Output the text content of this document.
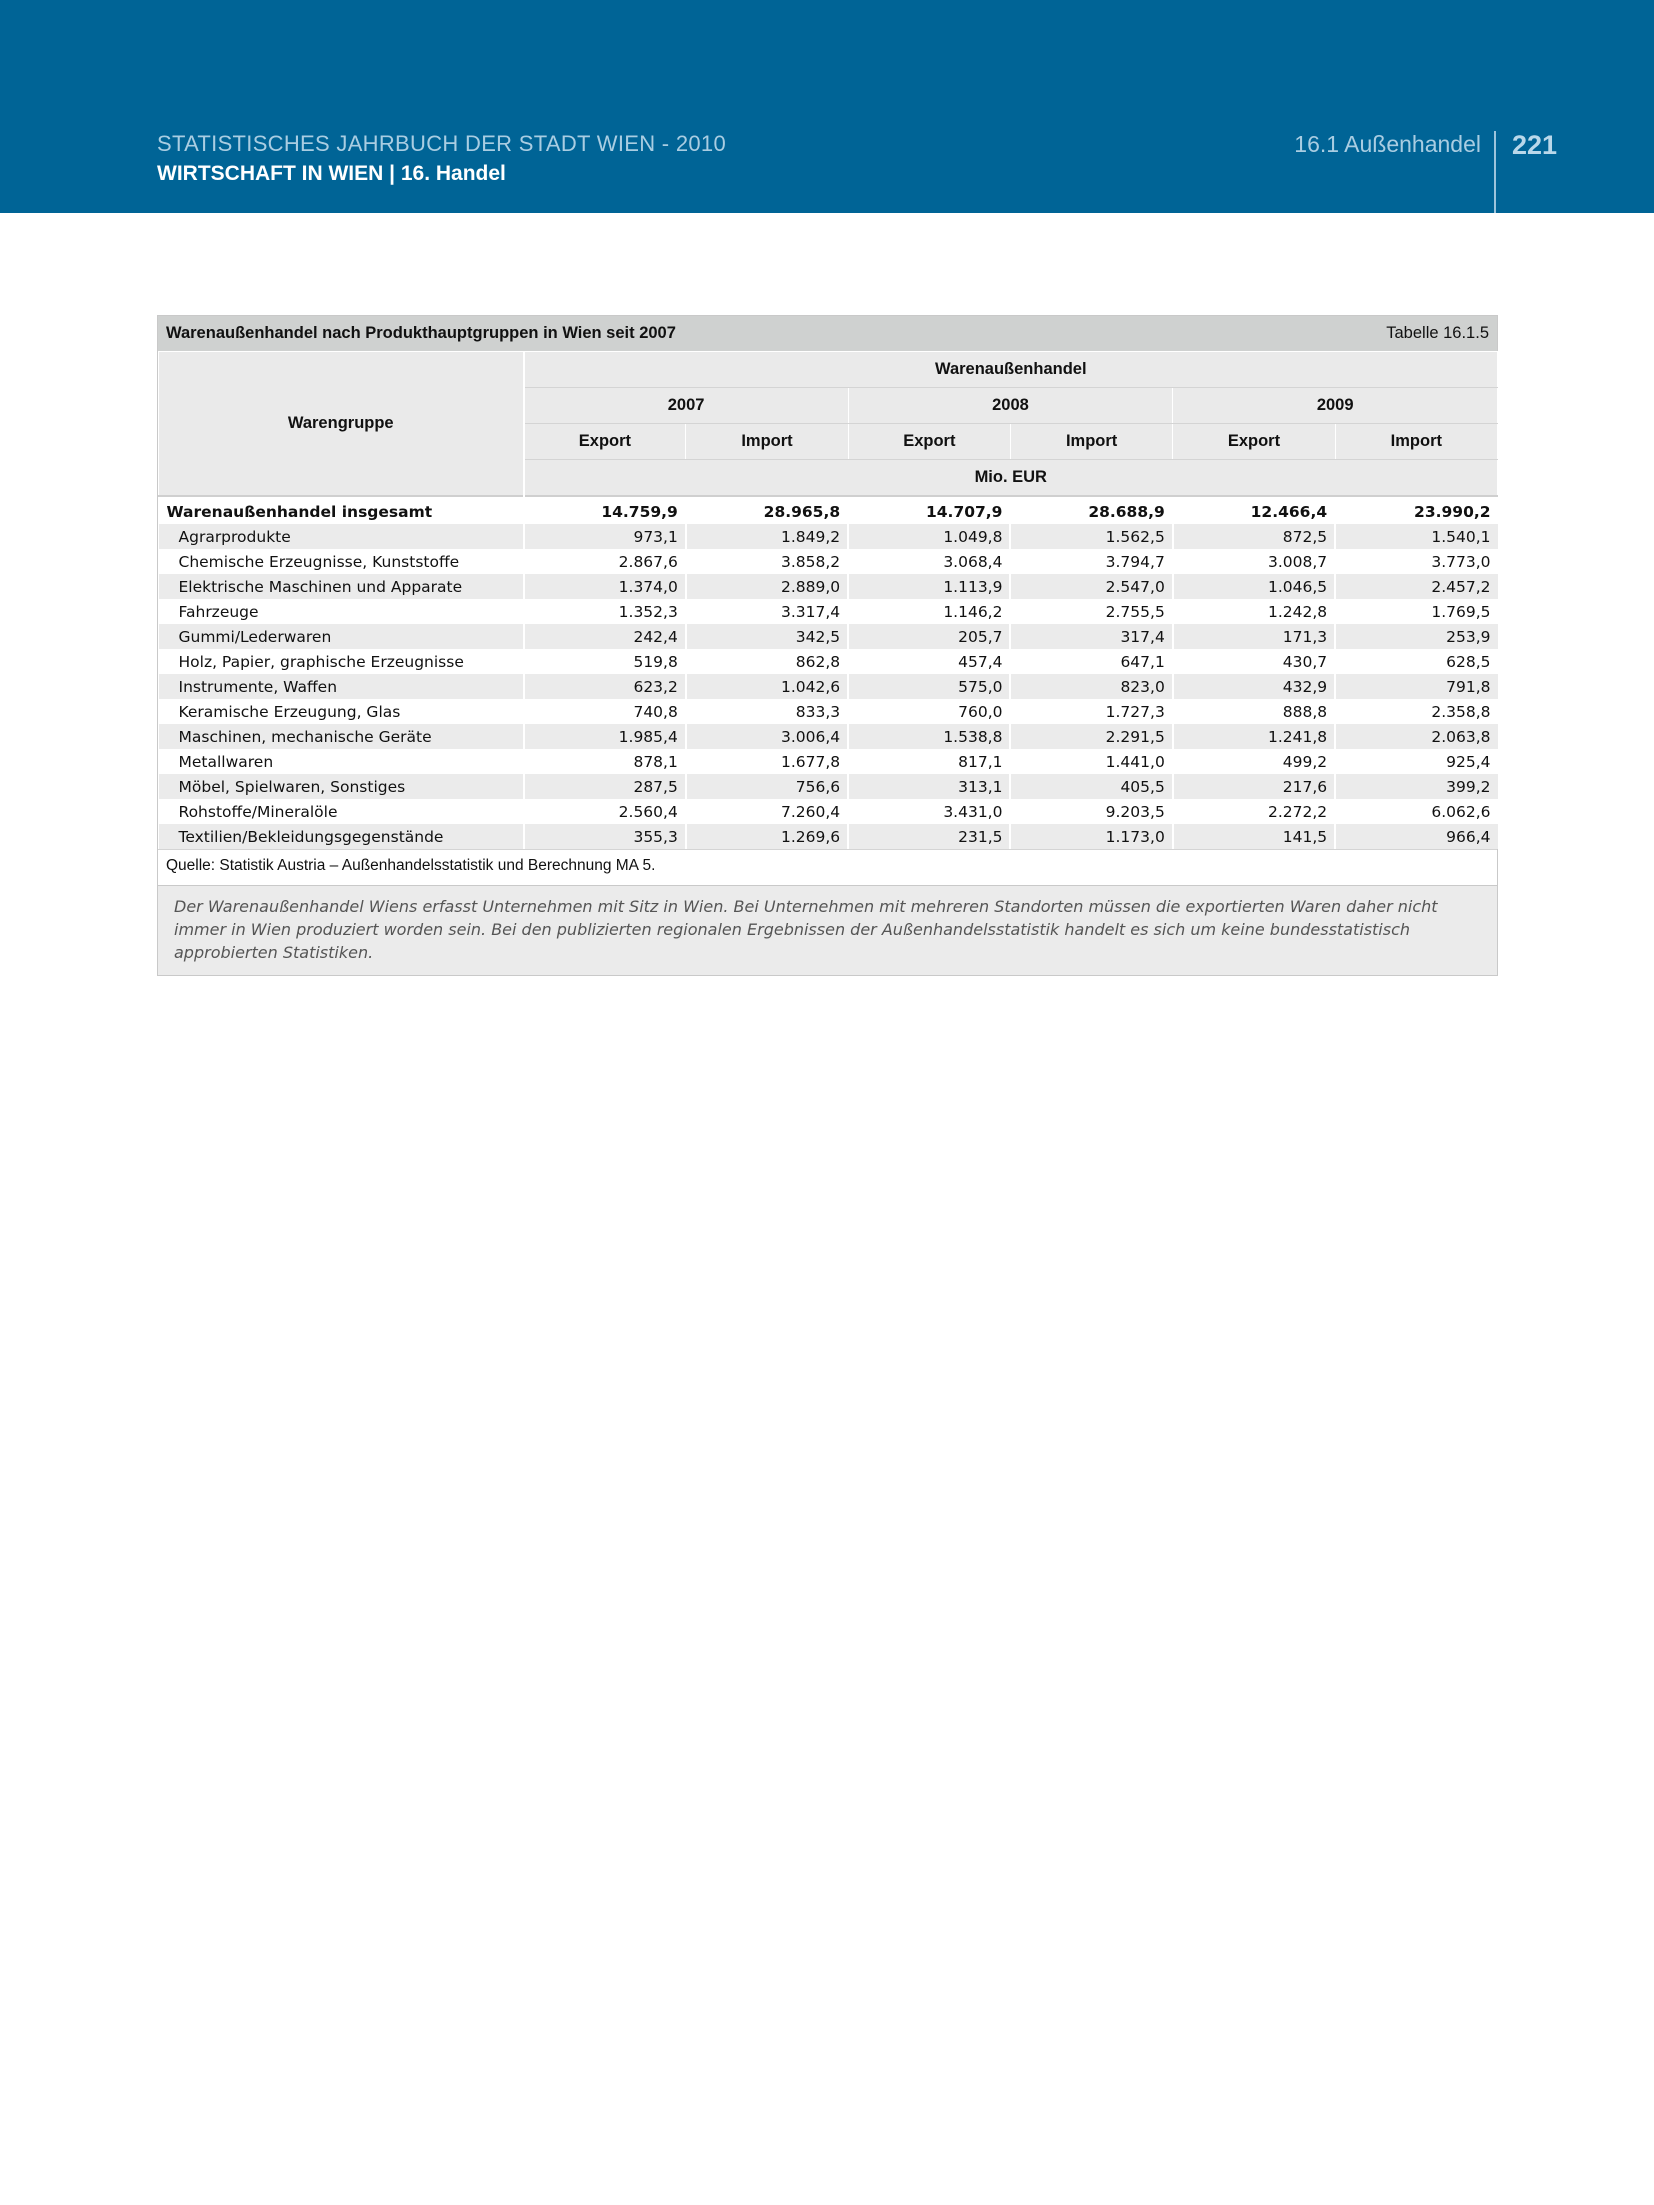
STATISTISCHES JAHRBUCH DER STADT WIEN - 2010
WIRTSCHAFT IN WIEN | 16. Handel
16.1 Außenhandel 221
Warenaußenhandel nach Produkthauptgruppen in Wien seit 2007	Tabelle 16.1.5
Warengruppe	Warenaußenhandel					
	2007		2008		2009	
	Export	Import	Export	Import	Export	Import
	Mio. EUR					
Warenaußenhandel insgesamt	14.759,9	28.965,8	14.707,9	28.688,9	12.466,4	23.990,2
Agrarprodukte	973,1	1.849,2	1.049,8	1.562,5	872,5	1.540,1
Chemische Erzeugnisse, Kunststoffe	2.867,6	3.858,2	3.068,4	3.794,7	3.008,7	3.773,0
Elektrische Maschinen und Apparate	1.374,0	2.889,0	1.113,9	2.547,0	1.046,5	2.457,2
Fahrzeuge	1.352,3	3.317,4	1.146,2	2.755,5	1.242,8	1.769,5
Gummi/Lederwaren	242,4	342,5	205,7	317,4	171,3	253,9
Holz, Papier, graphische Erzeugnisse	519,8	862,8	457,4	647,1	430,7	628,5
Instrumente, Waffen	623,2	1.042,6	575,0	823,0	432,9	791,8
Keramische Erzeugung, Glas	740,8	833,3	760,0	1.727,3	888,8	2.358,8
Maschinen, mechanische Geräte	1.985,4	3.006,4	1.538,8	2.291,5	1.241,8	2.063,8
Metallwaren	878,1	1.677,8	817,1	1.441,0	499,2	925,4
Möbel, Spielwaren, Sonstiges	287,5	756,6	313,1	405,5	217,6	399,2
Rohstoffe/Mineralöle	2.560,4	7.260,4	3.431,0	9.203,5	2.272,2	6.062,6
Textilien/Bekleidungsgegenstände	355,3	1.269,6	231,5	1.173,0	141,5	966,4
Quelle: Statistik Austria – Außenhandelsstatistik und Berechnung MA 5.
Der Warenaußenhandel Wiens erfasst Unternehmen mit Sitz in Wien. Bei Unternehmen mit mehreren Standorten müssen die exportierten Waren daher nicht immer in Wien produziert worden sein. Bei den publizierten regionalen Ergebnissen der Außenhandelsstatistik handelt es sich um keine bundesstatistisch approbierten Statistiken.
